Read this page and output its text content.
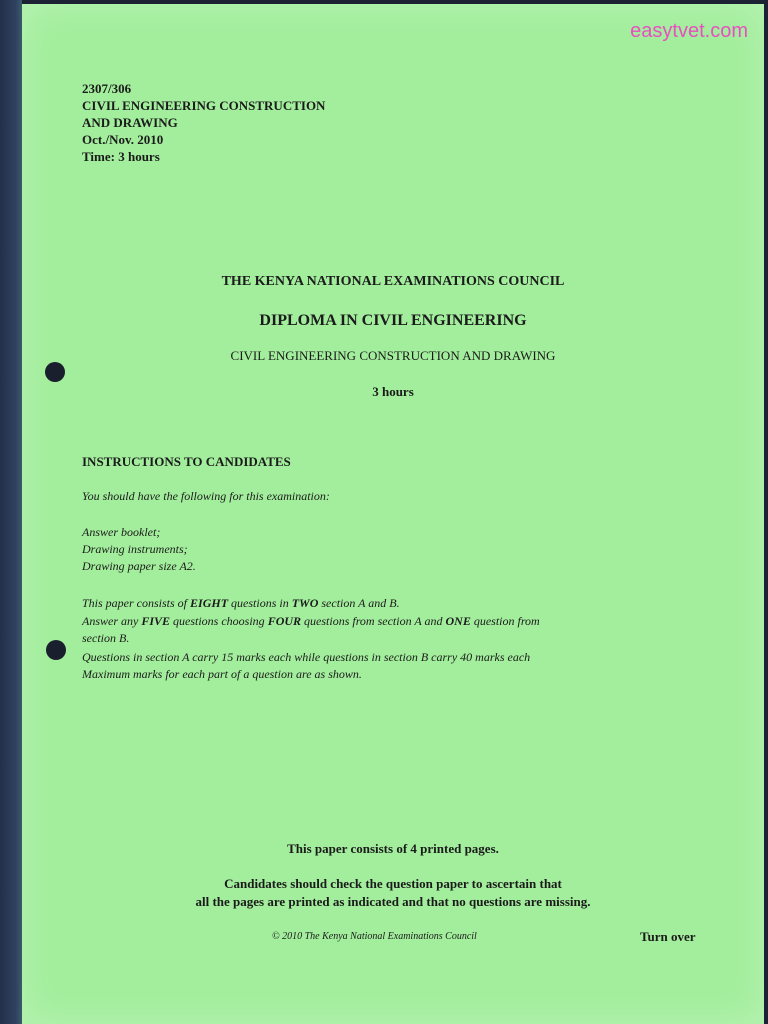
easytvet.com
2307/306
CIVIL ENGINEERING CONSTRUCTION
AND DRAWING
Oct./Nov. 2010
Time: 3 hours
THE KENYA NATIONAL EXAMINATIONS COUNCIL
DIPLOMA IN CIVIL ENGINEERING
CIVIL ENGINEERING CONSTRUCTION AND DRAWING
3 hours
INSTRUCTIONS TO CANDIDATES
You should have the following for this examination:
Answer booklet;
Drawing instruments;
Drawing paper size A2.
This paper consists of EIGHT questions in TWO section A and B.
Answer any FIVE questions choosing FOUR questions from section A and ONE question from
section B.
Questions in section A carry 15 marks each while questions in section B carry 40 marks each
Maximum marks for each part of a question are as shown.
This paper consists of 4 printed pages.
Candidates should check the question paper to ascertain that
all the pages are printed as indicated and that no questions are missing.
© 2010 The Kenya National Examinations Council	Turn over
